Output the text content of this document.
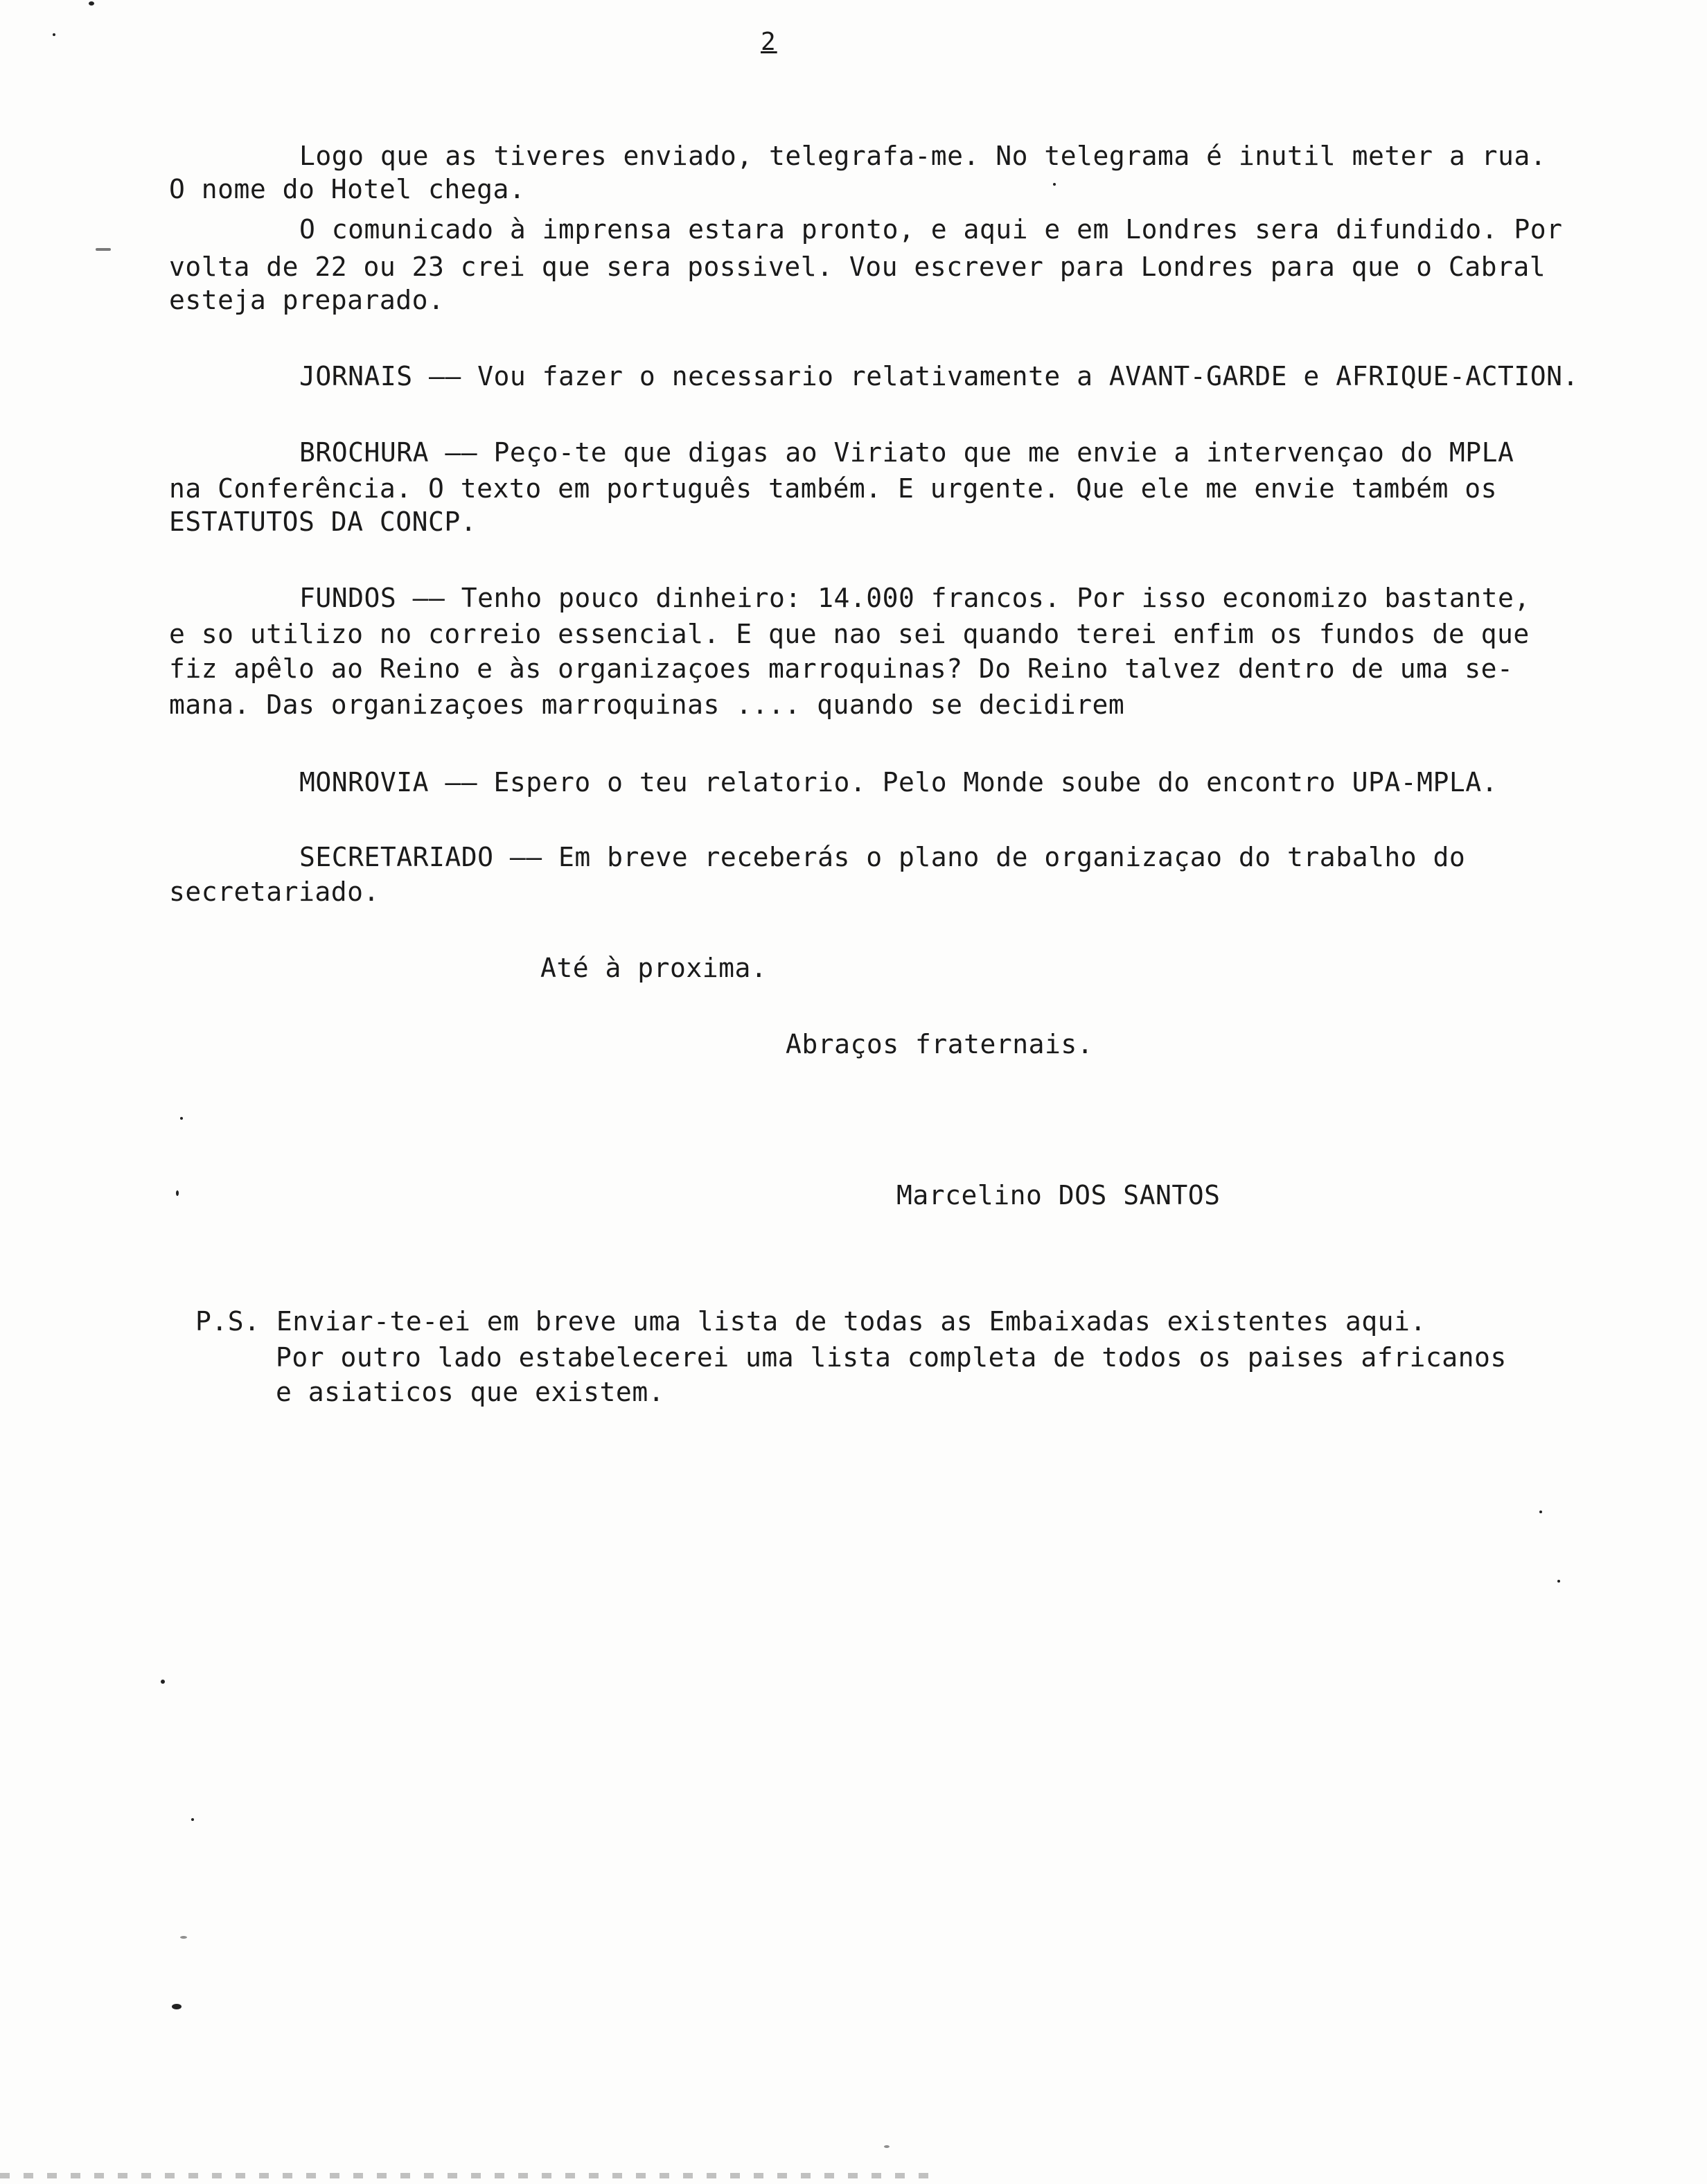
2
Logo que as tiveres enviado, telegrafa-me. No telegrama é inutil meter a rua.
O nome do Hotel chega.
O comunicado à imprensa estara pronto, e aqui e em Londres sera difundido. Por
volta de 22 ou 23 crei que sera possivel. Vou escrever para Londres para que o Cabral
esteja preparado.
JORNAIS —— Vou fazer o necessario relativamente a AVANT-GARDE e AFRIQUE-ACTION.
BROCHURA —— Peço-te que digas ao Viriato que me envie a intervençao do MPLA
na Conferência. O texto em português também. E urgente. Que ele me envie também os
ESTATUTOS DA CONCP.
FUNDOS —— Tenho pouco dinheiro: 14.000 francos. Por isso economizo bastante,
e so utilizo no correio essencial. E que nao sei quando terei enfim os fundos de que
fiz apêlo ao Reino e às organizaçoes marroquinas? Do Reino talvez dentro de uma se-
mana. Das organizaçoes marroquinas .... quando se decidirem
MONROVIA —— Espero o teu relatorio. Pelo Monde soube do encontro UPA-MPLA.
SECRETARIADO —— Em breve receberás o plano de organizaçao do trabalho do
secretariado.
Até à proxima.
Abraços fraternais.
Marcelino DOS SANTOS
P.S. Enviar-te-ei em breve uma lista de todas as Embaixadas existentes aqui.
Por outro lado estabelecerei uma lista completa de todos os paises africanos
e asiaticos que existem.
